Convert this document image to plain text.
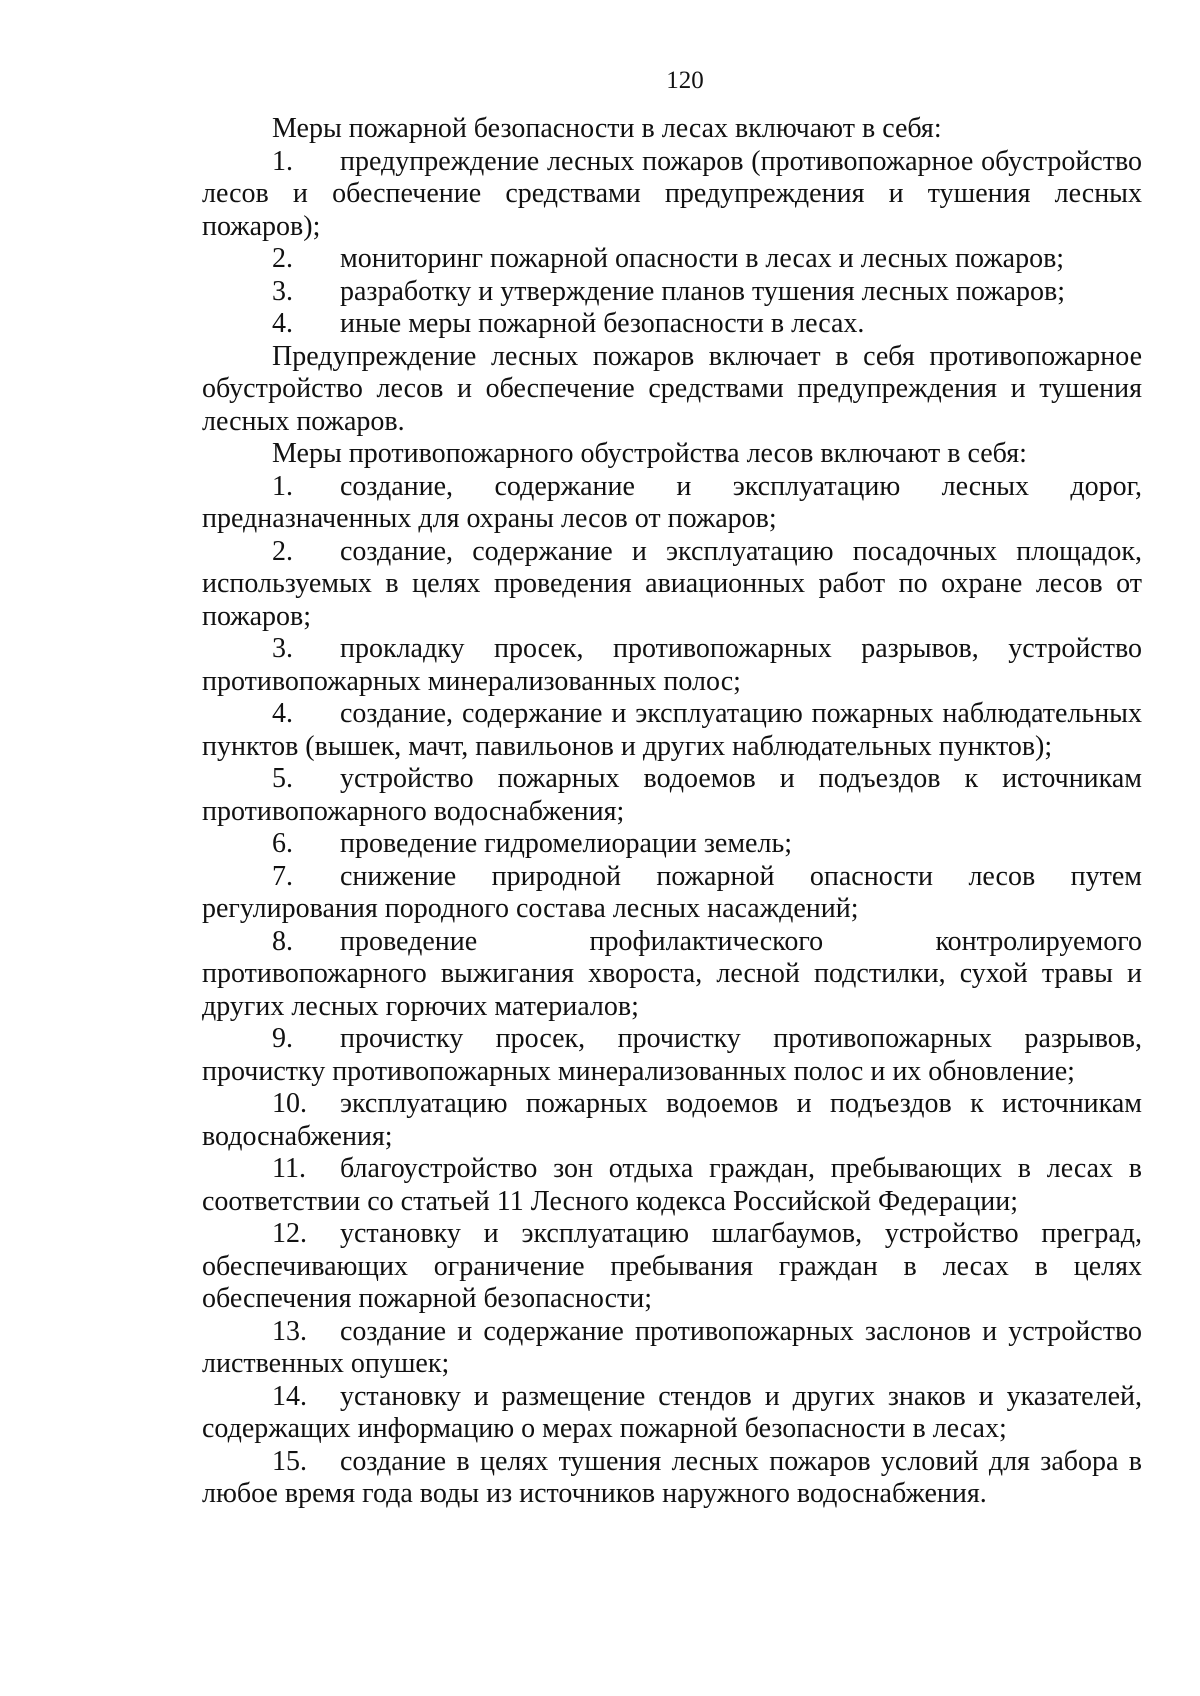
120

Меры пожарной безопасности в лесах включают в себя:

1. предупреждение лесных пожаров (противопожарное обустройство лесов и обеспечение средствами предупреждения и тушения лесных пожаров);

2. мониторинг пожарной опасности в лесах и лесных пожаров;

3. разработку и утверждение планов тушения лесных пожаров;

4. иные меры пожарной безопасности в лесах.

Предупреждение лесных пожаров включает в себя противопожарное обустройство лесов и обеспечение средствами предупреждения и тушения лесных пожаров.

Меры противопожарного обустройства лесов включают в себя:

1. создание, содержание и эксплуатацию лесных дорог, предназначенных для охраны лесов от пожаров;

2. создание, содержание и эксплуатацию посадочных площадок, используемых в целях проведения авиационных работ по охране лесов от пожаров;

3. прокладку просек, противопожарных разрывов, устройство противопожарных минерализованных полос;

4. создание, содержание и эксплуатацию пожарных наблюдательных пунктов (вышек, мачт, павильонов и других наблюдательных пунктов);

5. устройство пожарных водоемов и подъездов к источникам противопожарного водоснабжения;

6. проведение гидромелиорации земель;

7. снижение природной пожарной опасности лесов путем регулирования породного состава лесных насаждений;

8. проведение профилактического контролируемого противопожарного выжигания хвороста, лесной подстилки, сухой травы и других лесных горючих материалов;

9. прочистку просек, прочистку противопожарных разрывов, прочистку противопожарных минерализованных полос и их обновление;

10. эксплуатацию пожарных водоемов и подъездов к источникам водоснабжения;

11. благоустройство зон отдыха граждан, пребывающих в лесах в соответствии со статьей 11 Лесного кодекса Российской Федерации;

12. установку и эксплуатацию шлагбаумов, устройство преград, обеспечивающих ограничение пребывания граждан в лесах в целях обеспечения пожарной безопасности;

13. создание и содержание противопожарных заслонов и устройство лиственных опушек;

14. установку и размещение стендов и других знаков и указателей, содержащих информацию о мерах пожарной безопасности в лесах;

15. создание в целях тушения лесных пожаров условий для забора в любое время года воды из источников наружного водоснабжения.
